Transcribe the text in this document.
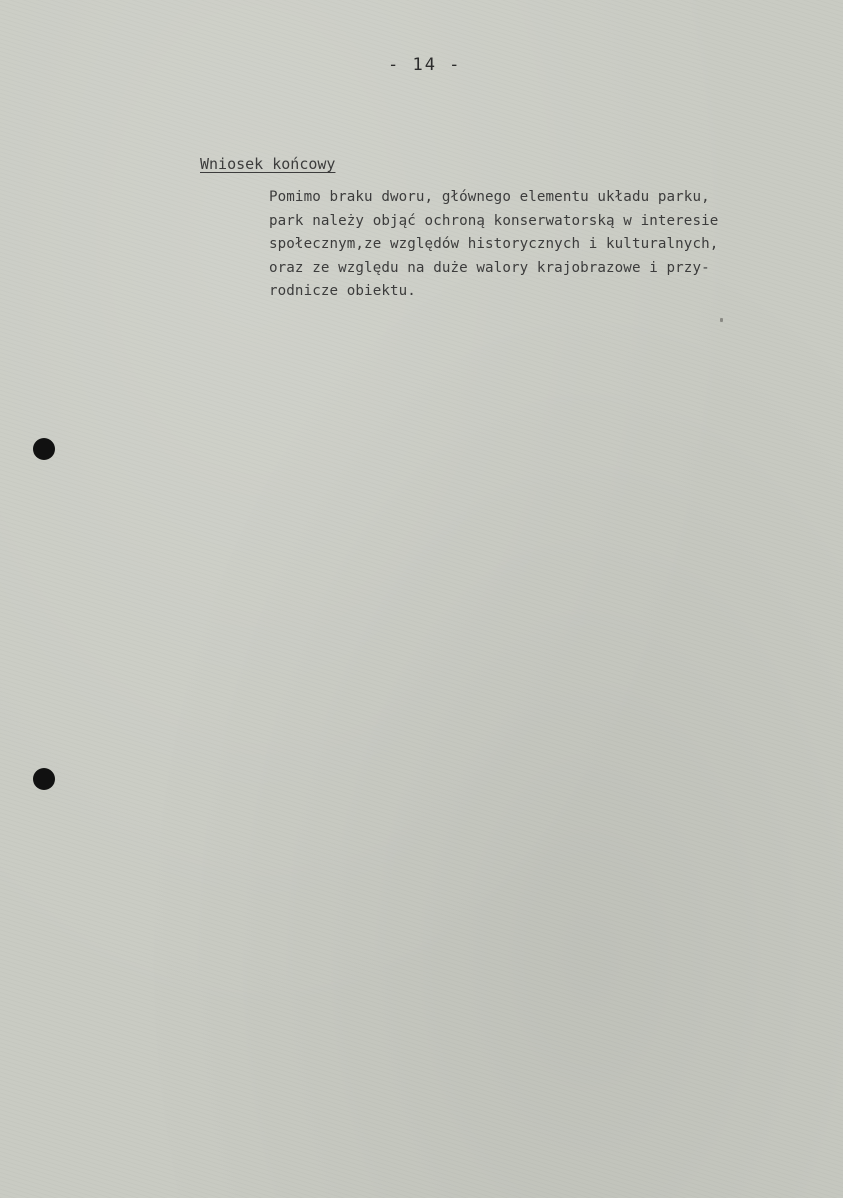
- 14 -
Wniosek końcowy
Pomimo braku dworu, głównego elementu układu parku,
park należy objąć ochroną konserwatorską w interesie
społecznym,ze względów historycznych i kulturalnych,
oraz ze względu na duże walory krajobrazowe i przy-
rodnicze obiektu.
